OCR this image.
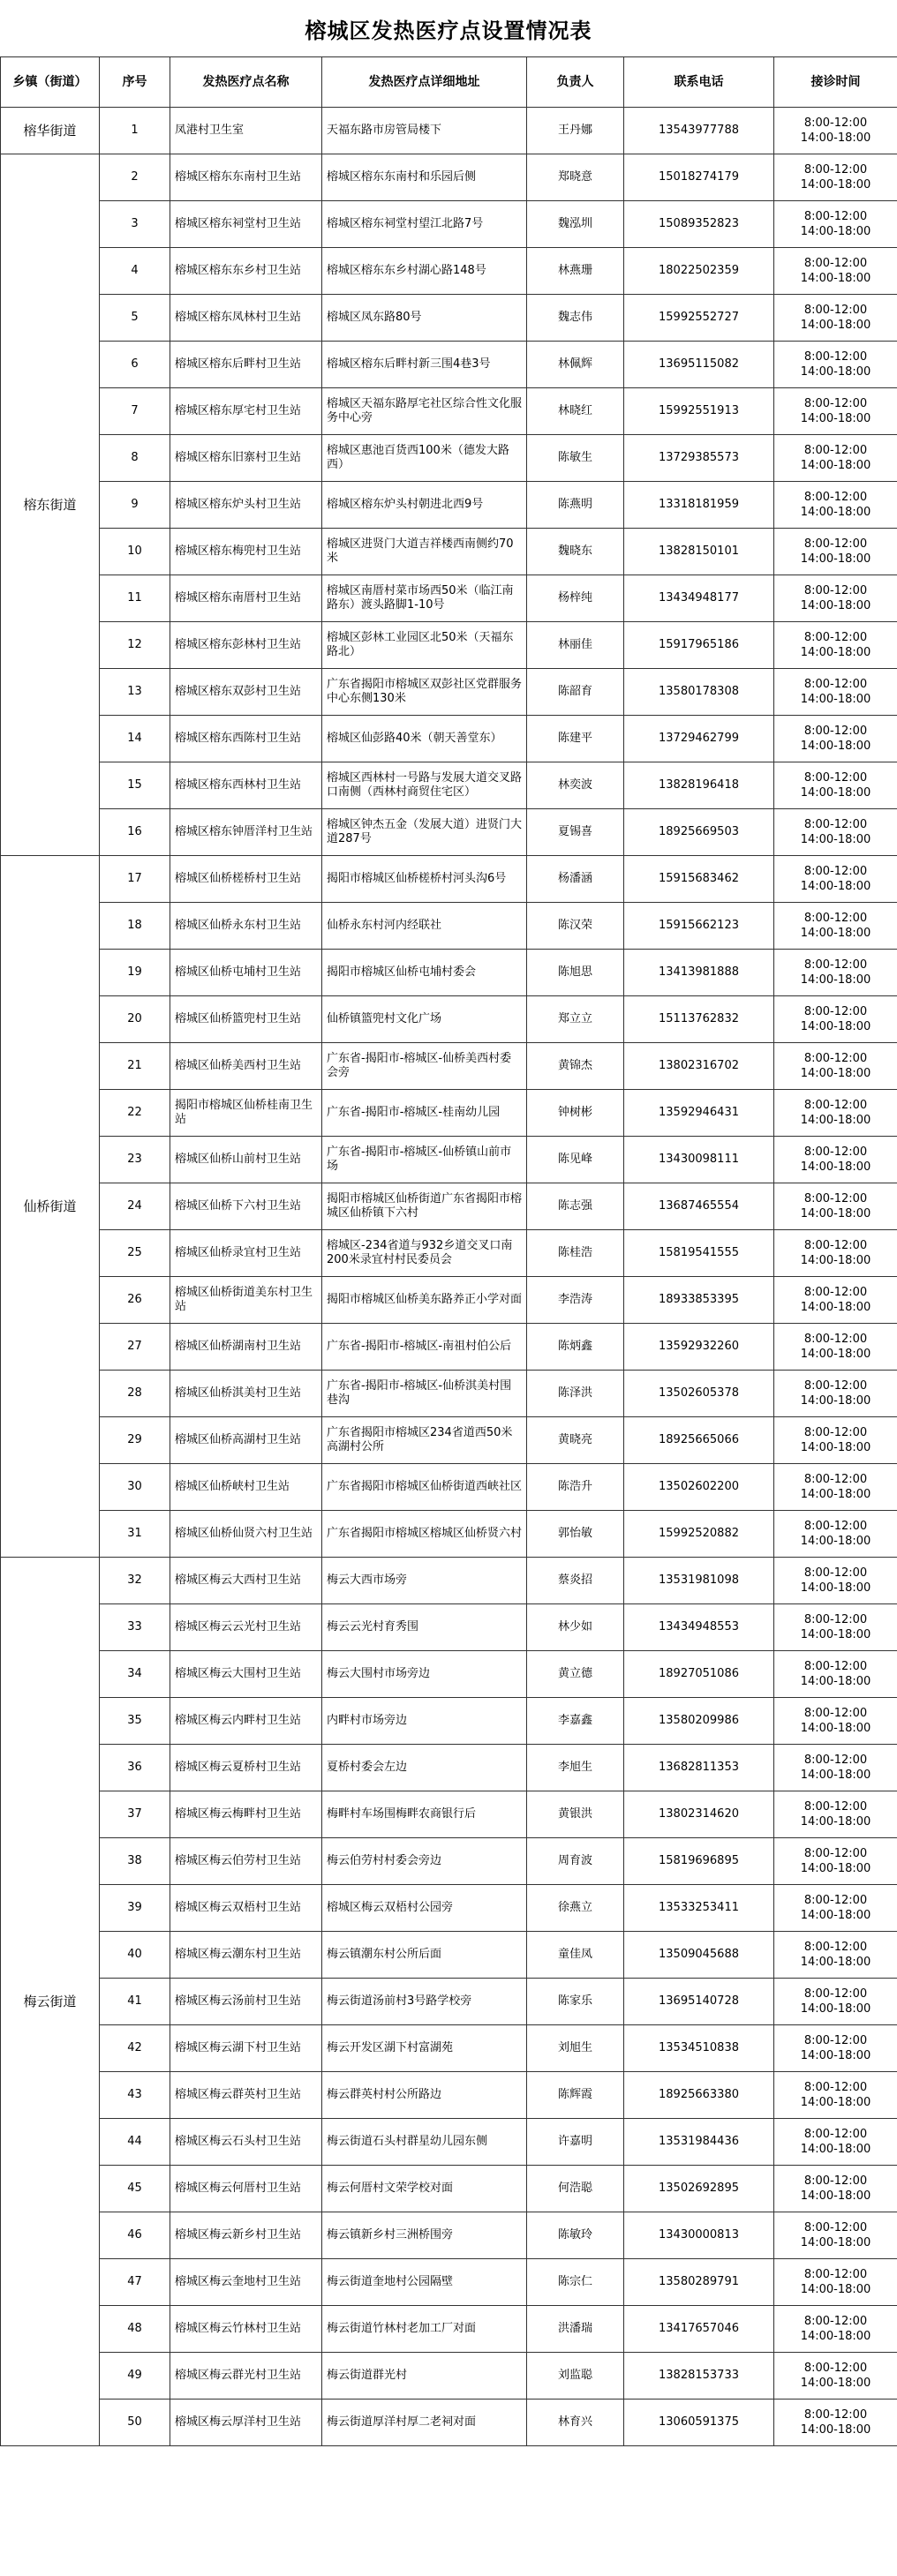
榕城区发热医疗点设置情况表
乡镇（街道）	序号	发热医疗点名称	发热医疗点详细地址	负责人	联系电话	接诊时间
榕华街道	1	凤港村卫生室	天福东路市房管局楼下	王丹娜	13543977788	8:00-12:00
14:00-18:00

榕东街道	2	榕城区榕东东南村卫生站	榕城区榕东东南村和乐园后侧	郑晓意	15018274179	8:00-12:00
14:00-18:00

	3	榕城区榕东祠堂村卫生站	榕城区榕东祠堂村望江北路7号	魏泓圳	15089352823	8:00-12:00
14:00-18:00

	4	榕城区榕东东乡村卫生站	榕城区榕东东乡村湖心路148号	林燕珊	18022502359	8:00-12:00
14:00-18:00

	5	榕城区榕东凤林村卫生站	榕城区凤东路80号	魏志伟	15992552727	8:00-12:00
14:00-18:00

	6	榕城区榕东后畔村卫生站	榕城区榕东后畔村新三围4巷3号	林佩辉	13695115082	8:00-12:00
14:00-18:00

	7	榕城区榕东厚宅村卫生站	榕城区天福东路厚宅社区综合性文化服务中心旁	林晓红	15992551913	8:00-12:00
14:00-18:00

	8	榕城区榕东旧寨村卫生站	榕城区惠池百货西100米（德发大路西）	陈敏生	13729385573	8:00-12:00
14:00-18:00

	9	榕城区榕东炉头村卫生站	榕城区榕东炉头村朝进北西9号	陈燕明	13318181959	8:00-12:00
14:00-18:00

	10	榕城区榕东梅兜村卫生站	榕城区进贤门大道吉祥楼西南侧约70米	魏晓东	13828150101	8:00-12:00
14:00-18:00

	11	榕城区榕东南厝村卫生站	榕城区南厝村菜市场西50米（临江南路东）渡头路脚1-10号	杨梓纯	13434948177	8:00-12:00
14:00-18:00

	12	榕城区榕东彭林村卫生站	榕城区彭林工业园区北50米（天福东路北）	林丽佳	15917965186	8:00-12:00
14:00-18:00

	13	榕城区榕东双彭村卫生站	广东省揭阳市榕城区双彭社区党群服务中心东侧130米	陈韶育	13580178308	8:00-12:00
14:00-18:00

	14	榕城区榕东西陈村卫生站	榕城区仙彭路40米（朝天善堂东）	陈建平	13729462799	8:00-12:00
14:00-18:00

	15	榕城区榕东西林村卫生站	榕城区西林村一号路与发展大道交叉路口南侧（西林村商贸住宅区）	林奕波	13828196418	8:00-12:00
14:00-18:00

	16	榕城区榕东钟厝洋村卫生站	榕城区钟杰五金（发展大道）进贤门大道287号	夏锡喜	18925669503	8:00-12:00
14:00-18:00

仙桥街道	17	榕城区仙桥槎桥村卫生站	揭阳市榕城区仙桥槎桥村河头沟6号	杨潘涵	15915683462	8:00-12:00
14:00-18:00

	18	榕城区仙桥永东村卫生站	仙桥永东村河内经联社	陈汉荣	15915662123	8:00-12:00
14:00-18:00

	19	榕城区仙桥屯埔村卫生站	揭阳市榕城区仙桥屯埔村委会	陈旭思	13413981888	8:00-12:00
14:00-18:00

	20	榕城区仙桥篮兜村卫生站	仙桥镇篮兜村文化广场	郑立立	15113762832	8:00-12:00
14:00-18:00

	21	榕城区仙桥美西村卫生站	广东省-揭阳市-榕城区-仙桥美西村委会旁	黄锦杰	13802316702	8:00-12:00
14:00-18:00

	22	揭阳市榕城区仙桥桂南卫生站	广东省-揭阳市-榕城区-桂南幼儿园	钟树彬	13592946431	8:00-12:00
14:00-18:00

	23	榕城区仙桥山前村卫生站	广东省-揭阳市-榕城区-仙桥镇山前市场	陈见峰	13430098111	8:00-12:00
14:00-18:00

	24	榕城区仙桥下六村卫生站	揭阳市榕城区仙桥街道广东省揭阳市榕城区仙桥镇下六村	陈志强	13687465554	8:00-12:00
14:00-18:00

	25	榕城区仙桥录宜村卫生站	榕城区-234省道与932乡道交叉口南200米录宜村村民委员会	陈桂浩	15819541555	8:00-12:00
14:00-18:00

	26	榕城区仙桥街道美东村卫生站	揭阳市榕城区仙桥美东路养正小学对面	李浩涛	18933853395	8:00-12:00
14:00-18:00

	27	榕城区仙桥湖南村卫生站	广东省-揭阳市-榕城区-南祖村伯公后	陈炳鑫	13592932260	8:00-12:00
14:00-18:00

	28	榕城区仙桥淇美村卫生站	广东省-揭阳市-榕城区-仙桥淇美村围巷沟	陈泽洪	13502605378	8:00-12:00
14:00-18:00

	29	榕城区仙桥高湖村卫生站	广东省揭阳市榕城区234省道西50米高湖村公所	黄晓亮	18925665066	8:00-12:00
14:00-18:00

	30	榕城区仙桥峡村卫生站	广东省揭阳市榕城区仙桥街道西峡社区	陈浩升	13502602200	8:00-12:00
14:00-18:00

	31	榕城区仙桥仙贤六村卫生站	广东省揭阳市榕城区榕城区仙桥贤六村	郭怡敏	15992520882	8:00-12:00
14:00-18:00

梅云街道	32	榕城区梅云大西村卫生站	梅云大西市场旁	蔡炎招	13531981098	8:00-12:00
14:00-18:00

	33	榕城区梅云云光村卫生站	梅云云光村育秀围	林少如	13434948553	8:00-12:00
14:00-18:00

	34	榕城区梅云大围村卫生站	梅云大围村市场旁边	黄立德	18927051086	8:00-12:00
14:00-18:00

	35	榕城区梅云内畔村卫生站	内畔村市场旁边	李嘉鑫	13580209986	8:00-12:00
14:00-18:00

	36	榕城区梅云夏桥村卫生站	夏桥村委会左边	李旭生	13682811353	8:00-12:00
14:00-18:00

	37	榕城区梅云梅畔村卫生站	梅畔村车场围梅畔农商银行后	黄银洪	13802314620	8:00-12:00
14:00-18:00

	38	榕城区梅云伯劳村卫生站	梅云伯劳村村委会旁边	周育波	15819696895	8:00-12:00
14:00-18:00

	39	榕城区梅云双梧村卫生站	榕城区梅云双梧村公园旁	徐燕立	13533253411	8:00-12:00
14:00-18:00

	40	榕城区梅云潮东村卫生站	梅云镇潮东村公所后面	童佳凤	13509045688	8:00-12:00
14:00-18:00

	41	榕城区梅云汤前村卫生站	梅云街道汤前村3号路学校旁	陈家乐	13695140728	8:00-12:00
14:00-18:00

	42	榕城区梅云湖下村卫生站	梅云开发区湖下村富湖苑	刘旭生	13534510838	8:00-12:00
14:00-18:00

	43	榕城区梅云群英村卫生站	梅云群英村村公所路边	陈辉霞	18925663380	8:00-12:00
14:00-18:00

	44	榕城区梅云石头村卫生站	梅云街道石头村群星幼儿园东侧	许嘉明	13531984436	8:00-12:00
14:00-18:00

	45	榕城区梅云何厝村卫生站	梅云何厝村文荣学校对面	何浩聪	13502692895	8:00-12:00
14:00-18:00

	46	榕城区梅云新乡村卫生站	梅云镇新乡村三洲桥围旁	陈敏玲	13430000813	8:00-12:00
14:00-18:00

	47	榕城区梅云奎地村卫生站	梅云街道奎地村公园隔壁	陈宗仁	13580289791	8:00-12:00
14:00-18:00

	48	榕城区梅云竹林村卫生站	梅云街道竹林村老加工厂对面	洪潘瑞	13417657046	8:00-12:00
14:00-18:00

	49	榕城区梅云群光村卫生站	梅云街道群光村	刘监聪	13828153733	8:00-12:00
14:00-18:00

	50	榕城区梅云厚洋村卫生站	梅云街道厚洋村厚二老祠对面	林育兴	13060591375	8:00-12:00
14:00-18:00
